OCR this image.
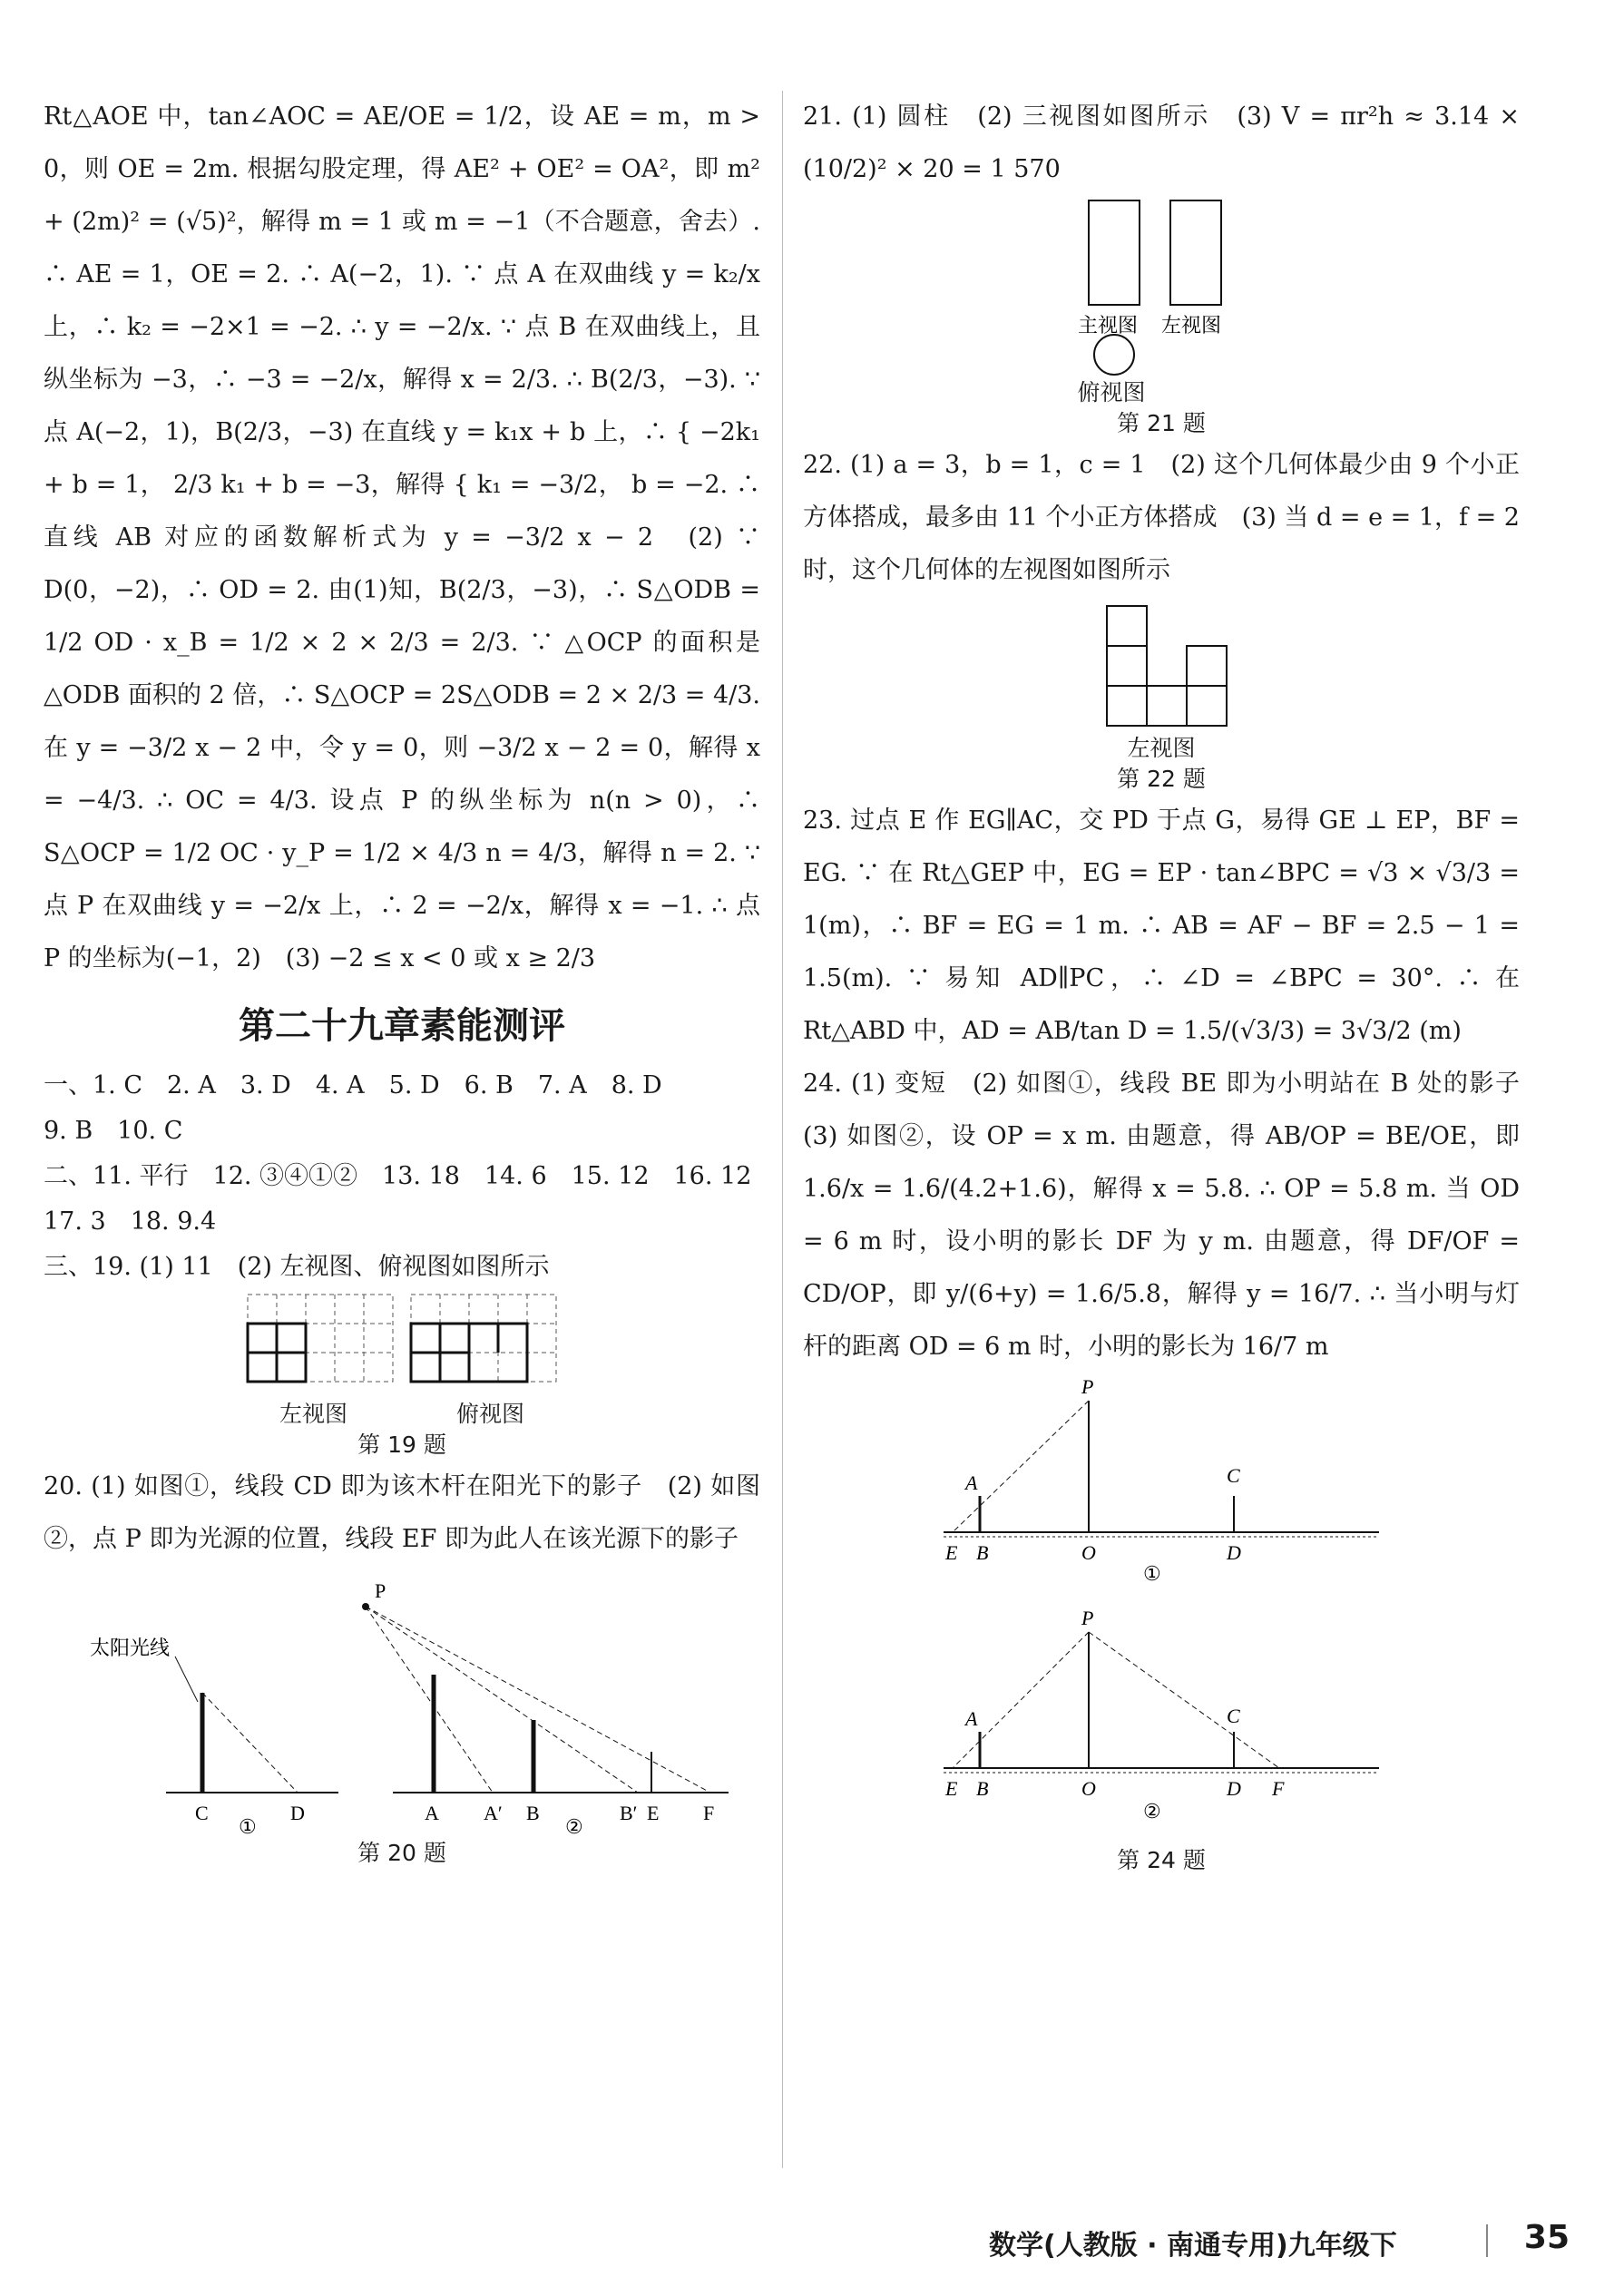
Rt△AOE 中，tan∠AOC = AE/OE = 1/2，设 AE = m，m > 0，则 OE = 2m. 根据勾股定理，得 AE² + OE² = OA²，即 m² + (2m)² = (√5)²，解得 m = 1 或 m = −1（不合题意，舍去）. ∴ AE = 1，OE = 2. ∴ A(−2，1). ∵ 点 A 在双曲线 y = k₂/x 上，∴ k₂ = −2×1 = −2. ∴ y = −2/x. ∵ 点 B 在双曲线上，且纵坐标为 −3，∴ −3 = −2/x，解得 x = 2/3. ∴ B(2/3，−3). ∵ 点 A(−2，1)，B(2/3，−3) 在直线 y = k₁x + b 上，∴ { −2k₁ + b = 1， 2/3 k₁ + b = −3，解得 { k₁ = −3/2， b = −2. ∴ 直线 AB 对应的函数解析式为 y = −3/2 x − 2　(2) ∵ D(0，−2)，∴ OD = 2. 由(1)知，B(2/3，−3)，∴ S△ODB = 1/2 OD · x_B = 1/2 × 2 × 2/3 = 2/3. ∵ △OCP 的面积是 △ODB 面积的 2 倍，∴ S△OCP = 2S△ODB = 2 × 2/3 = 4/3. 在 y = −3/2 x − 2 中，令 y = 0，则 −3/2 x − 2 = 0，解得 x = −4/3. ∴ OC = 4/3. 设点 P 的纵坐标为 n(n > 0)，∴ S△OCP = 1/2 OC · y_P = 1/2 × 4/3 n = 4/3，解得 n = 2. ∵ 点 P 在双曲线 y = −2/x 上，∴ 2 = −2/x，解得 x = −1. ∴ 点 P 的坐标为(−1，2)　(3) −2 ≤ x < 0 或 x ≥ 2/3

第二十九章素能测评

一、1. C　2. A　3. D　4. A　5. D　6. B　7. A　8. D

9. B　10. C

二、11. 平行　12. ③④①②　13. 18　14. 6　15. 12　16. 12

17. 3　18. 9.4

三、19. (1) 11　(2) 左视图、俯视图如图所示

左视图	俯视图
第 19 题

20. (1) 如图①，线段 CD 即为该木杆在阳光下的影子　(2) 如图②，点 P 即为光源的位置，线段 EF 即为此人在该光源下的影子

太阳光线
C	D
①
P
A A′ B	B′ E F
②
第 20 题

21. (1) 圆柱　(2) 三视图如图所示　(3) V = πr²h ≈ 3.14 × (10/2)² × 20 = 1 570

主视图 左视图
俯视图
第 21 题

22. (1) a = 3，b = 1，c = 1　(2) 这个几何体最少由 9 个小正方体搭成，最多由 11 个小正方体搭成　(3) 当 d = e = 1，f = 2 时，这个几何体的左视图如图所示

左视图
第 22 题

23. 过点 E 作 EG∥AC，交 PD 于点 G，易得 GE ⊥ EP，BF = EG. ∵ 在 Rt△GEP 中，EG = EP · tan∠BPC = √3 × √3/3 = 1(m)，∴ BF = EG = 1 m. ∴ AB = AF − BF = 2.5 − 1 = 1.5(m). ∵ 易知 AD∥PC，∴ ∠D = ∠BPC = 30°. ∴ 在 Rt△ABD 中，AD = AB/tan D = 1.5/(√3/3) = 3√3/2 (m)

24. (1) 变短　(2) 如图①，线段 BE 即为小明站在 B 处的影子　(3) 如图②，设 OP = x m. 由题意，得 AB/OP = BE/OE，即 1.6/x = 1.6/(4.2+1.6)，解得 x = 5.8. ∴ OP = 5.8 m. 当 OD = 6 m 时，设小明的影长 DF 为 y m. 由题意，得 DF/OF = CD/OP，即 y/(6+y) = 1.6/5.8，解得 y = 16/7. ∴ 当小明与灯杆的距离 OD = 6 m 时，小明的影长为 16/7 m

P
A	C
E B	O	D
①
P
A	C
E B	O	D F
②
第 24 题
数学(人教版 · 南通专用)九年级下	35
